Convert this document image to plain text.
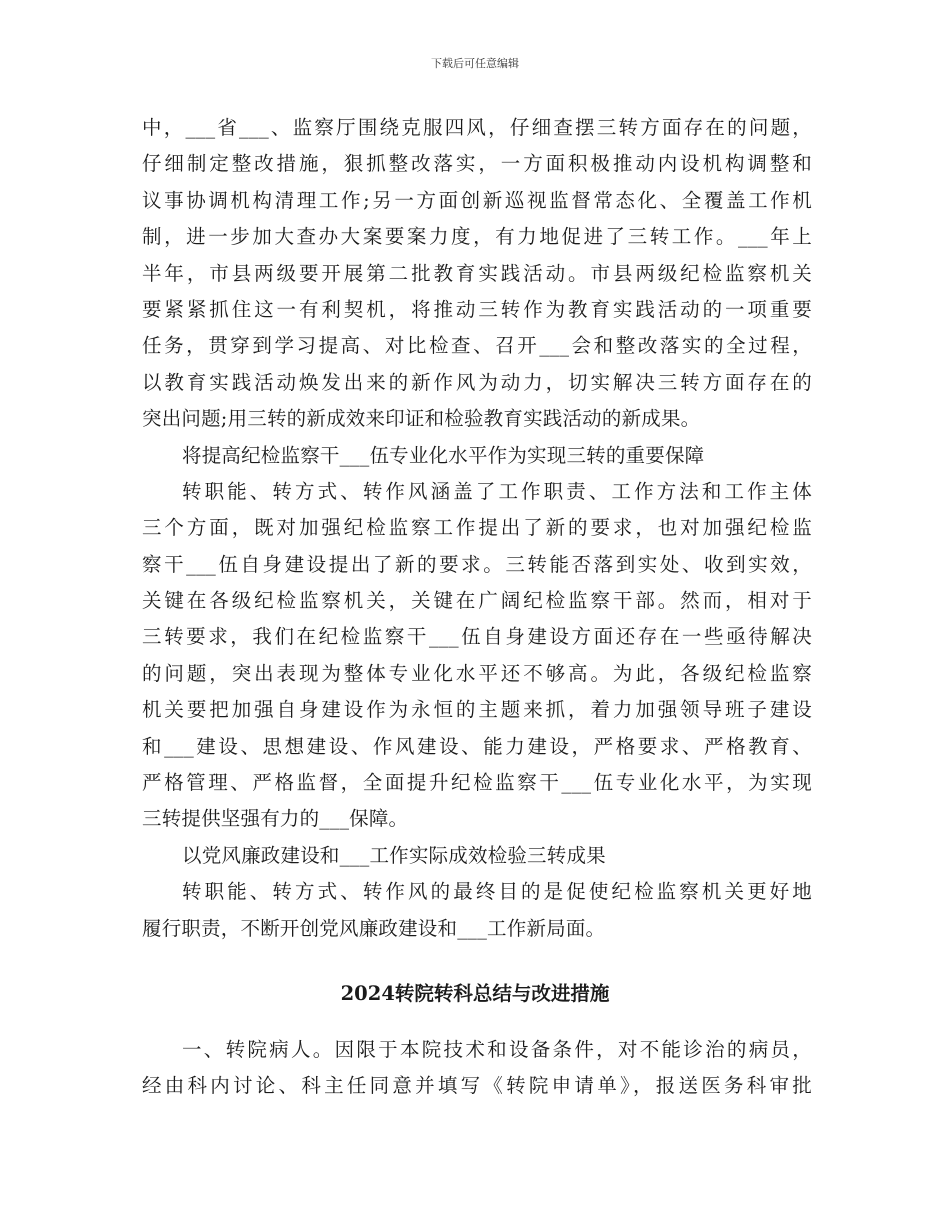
下载后可任意编辑
中，___省___、监察厅围绕克服四风，仔细查摆三转方面存在的问题，
仔细制定整改措施，狠抓整改落实，一方面积极推动内设机构调整和
议事协调机构清理工作;另一方面创新巡视监督常态化、全覆盖工作机
制，进一步加大查办大案要案力度，有力地促进了三转工作。___年上
半年，市县两级要开展第二批教育实践活动。市县两级纪检监察机关
要紧紧抓住这一有利契机，将推动三转作为教育实践活动的一项重要
任务，贯穿到学习提高、对比检查、召开___会和整改落实的全过程，
以教育实践活动焕发出来的新作风为动力，切实解决三转方面存在的
突出问题;用三转的新成效来印证和检验教育实践活动的新成果。
将提高纪检监察干___伍专业化水平作为实现三转的重要保障
转职能、转方式、转作风涵盖了工作职责、工作方法和工作主体
三个方面，既对加强纪检监察工作提出了新的要求，也对加强纪检监
察干___伍自身建设提出了新的要求。三转能否落到实处、收到实效，
关键在各级纪检监察机关，关键在广阔纪检监察干部。然而，相对于
三转要求，我们在纪检监察干___伍自身建设方面还存在一些亟待解决
的问题，突出表现为整体专业化水平还不够高。为此，各级纪检监察
机关要把加强自身建设作为永恒的主题来抓，着力加强领导班子建设
和___建设、思想建设、作风建设、能力建设，严格要求、严格教育、
严格管理、严格监督，全面提升纪检监察干___伍专业化水平，为实现
三转提供坚强有力的___保障。
以党风廉政建设和___工作实际成效检验三转成果
转职能、转方式、转作风的最终目的是促使纪检监察机关更好地
履行职责，不断开创党风廉政建设和___工作新局面。
2024转院转科总结与改进措施
一、转院病人。因限于本院技术和设备条件，对不能诊治的病员，
经由科内讨论、科主任同意并填写《转院申请单》，报送医务科审批
